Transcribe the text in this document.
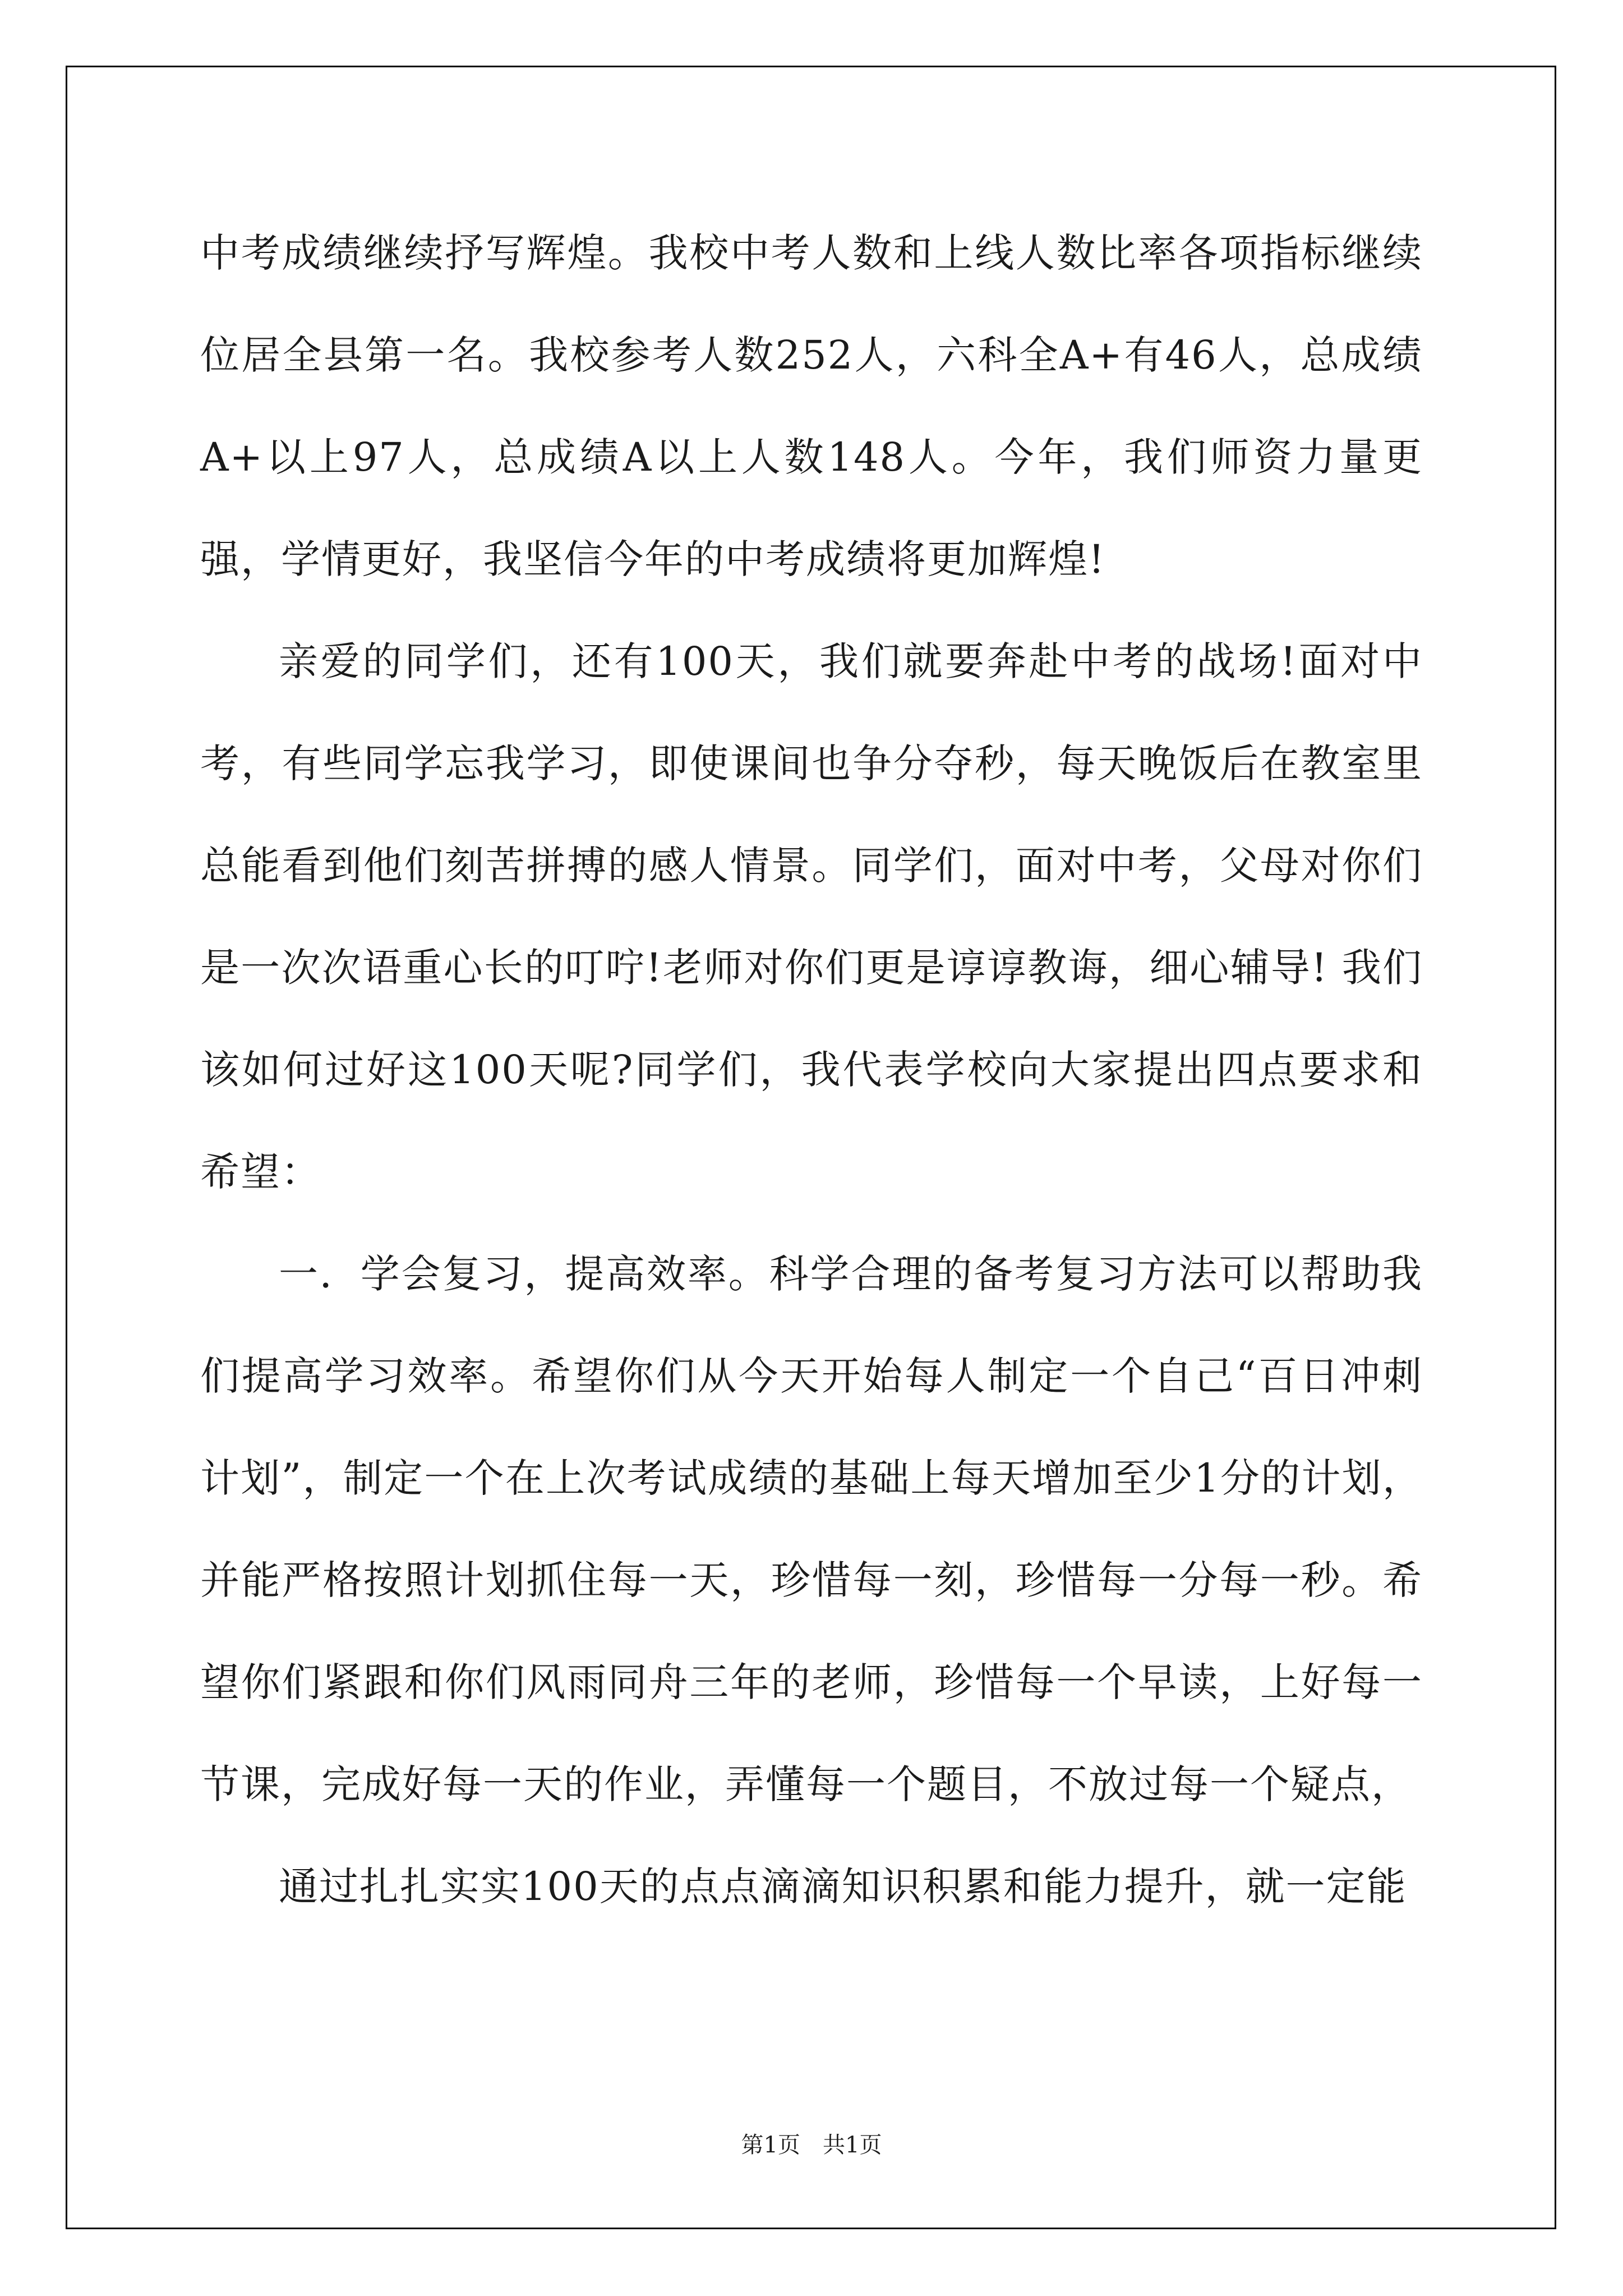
中考成绩继续抒写辉煌。我校中考人数和上线人数比率各项指标继续位居全县第一名。我校参考人数252人，六科全A+有46人，总成绩A+以上97人，总成绩A以上人数148人。今年，我们师资力量更强，学情更好，我坚信今年的中考成绩将更加辉煌!

亲爱的同学们，还有100天，我们就要奔赴中考的战场!面对中考，有些同学忘我学习，即使课间也争分夺秒，每天晚饭后在教室里总能看到他们刻苦拼搏的感人情景。同学们，面对中考，父母对你们是一次次语重心长的叮咛!老师对你们更是谆谆教诲，细心辅导! 我们该如何过好这100天呢?同学们，我代表学校向大家提出四点要求和希望：

一．学会复习，提高效率。科学合理的备考复习方法可以帮助我们提高学习效率。希望你们从今天开始每人制定一个自己“百日冲刺计划”，制定一个在上次考试成绩的基础上每天增加至少1分的计划，并能严格按照计划抓住每一天，珍惜每一刻，珍惜每一分每一秒。希望你们紧跟和你们风雨同舟三年的老师，珍惜每一个早读，上好每一节课，完成好每一天的作业，弄懂每一个题目，不放过每一个疑点，

通过扎扎实实100天的点点滴滴知识积累和能力提升，就一定能

第1页 共1页
